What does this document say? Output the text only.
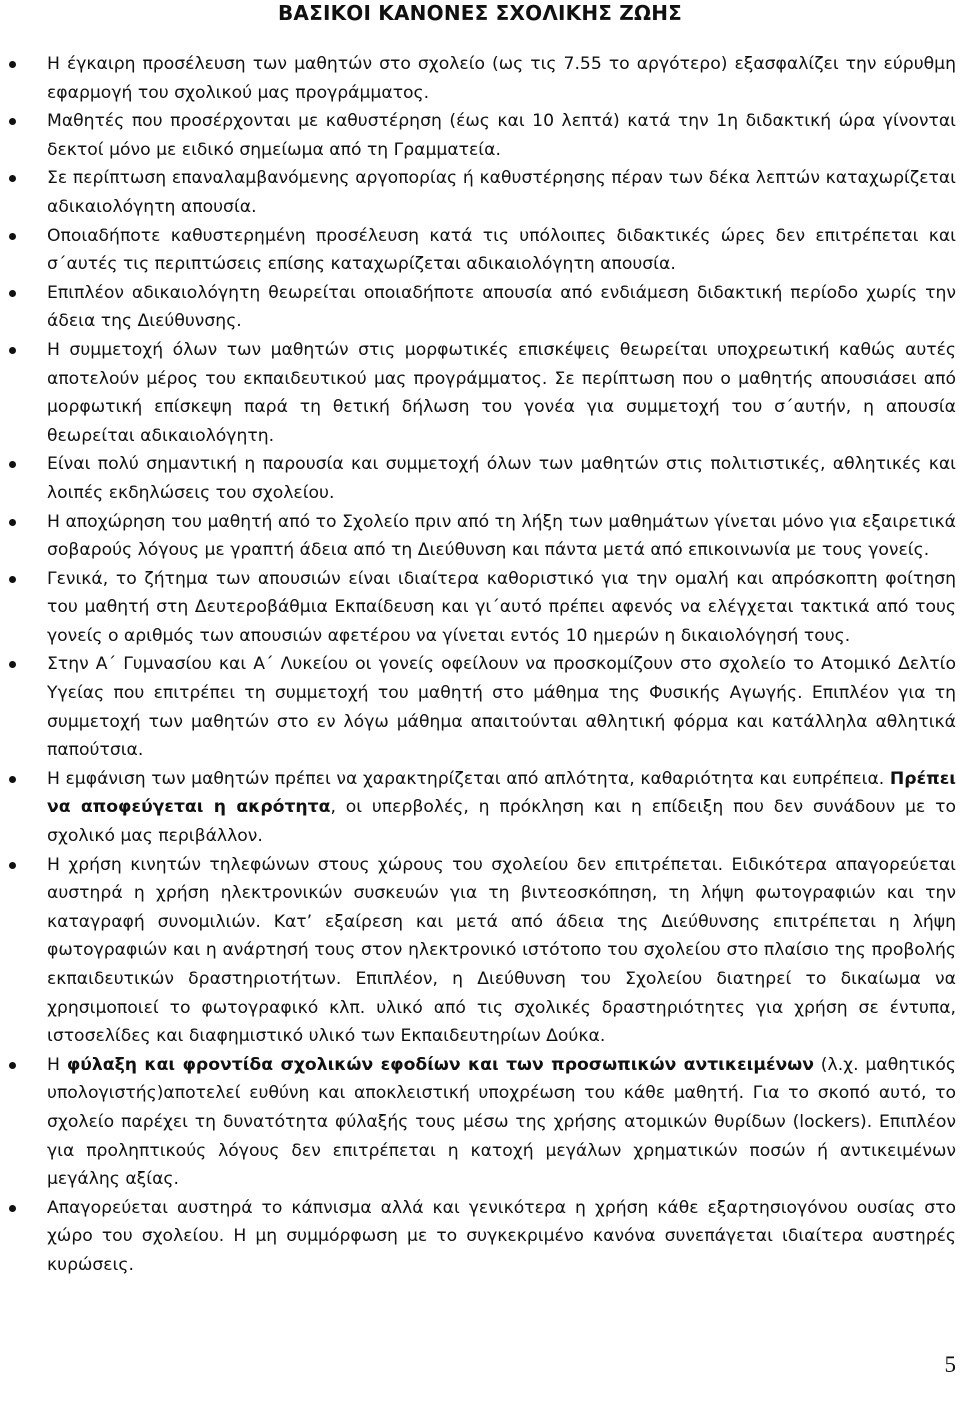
ΒΑΣΙΚΟΙ ΚΑΝΟΝΕΣ ΣΧΟΛΙΚΗΣ ΖΩΗΣ
Η έγκαιρη προσέλευση των μαθητών στο σχολείο (ως τις 7.55 το αργότερο) εξασφαλίζει την εύρυθμη εφαρμογή του σχολικού μας προγράμματος.
Μαθητές που προσέρχονται με καθυστέρηση (έως και 10 λεπτά) κατά την 1η διδακτική ώρα γίνονται δεκτοί μόνο με ειδικό σημείωμα από τη Γραμματεία.
Σε περίπτωση επαναλαμβανόμενης αργοπορίας ή καθυστέρησης πέραν των δέκα λεπτών καταχωρίζεται αδικαιολόγητη απουσία.
Οποιαδήποτε καθυστερημένη προσέλευση κατά τις υπόλοιπες διδακτικές ώρες δεν επιτρέπεται και σ΄αυτές τις περιπτώσεις επίσης καταχωρίζεται αδικαιολόγητη απουσία.
Επιπλέον αδικαιολόγητη θεωρείται οποιαδήποτε απουσία από ενδιάμεση διδακτική περίοδο χωρίς την άδεια της Διεύθυνσης.
Η συμμετοχή όλων των μαθητών στις μορφωτικές επισκέψεις θεωρείται υποχρεωτική καθώς αυτές αποτελούν μέρος του εκπαιδευτικού μας προγράμματος. Σε περίπτωση που ο μαθητής απουσιάσει από μορφωτική επίσκεψη παρά τη θετική δήλωση του γονέα για συμμετοχή του σ΄αυτήν, η απουσία θεωρείται αδικαιολόγητη.
Είναι πολύ σημαντική η παρουσία και συμμετοχή όλων των μαθητών στις πολιτιστικές, αθλητικές και λοιπές εκδηλώσεις του σχολείου.
Η αποχώρηση του μαθητή από το Σχολείο πριν από τη λήξη των μαθημάτων γίνεται μόνο για εξαιρετικά σοβαρούς λόγους με γραπτή άδεια από τη Διεύθυνση και πάντα μετά από επικοινωνία με τους γονείς.
Γενικά, το ζήτημα των απουσιών είναι ιδιαίτερα καθοριστικό για την ομαλή και απρόσκοπτη φοίτηση του μαθητή στη Δευτεροβάθμια Εκπαίδευση και γι΄αυτό πρέπει αφενός να ελέγχεται τακτικά από τους γονείς ο αριθμός των απουσιών αφετέρου να γίνεται εντός 10 ημερών η δικαιολόγησή τους.
Στην Α΄ Γυμνασίου και Α΄ Λυκείου οι γονείς οφείλουν να προσκομίζουν στο σχολείο το Ατομικό Δελτίο Υγείας που επιτρέπει τη συμμετοχή του μαθητή στο μάθημα της Φυσικής Αγωγής. Επιπλέον για τη συμμετοχή των μαθητών στο εν λόγω μάθημα απαιτούνται αθλητική φόρμα και κατάλληλα αθλητικά παπούτσια.
Η εμφάνιση των μαθητών πρέπει να χαρακτηρίζεται από απλότητα, καθαριότητα και ευπρέπεια. Πρέπει να αποφεύγεται η ακρότητα, οι υπερβολές, η πρόκληση και η επίδειξη που δεν συνάδουν με το σχολικό μας περιβάλλον.
Η χρήση κινητών τηλεφώνων στους χώρους του σχολείου δεν επιτρέπεται. Ειδικότερα απαγορεύεται αυστηρά η χρήση ηλεκτρονικών συσκευών για τη βιντεοσκόπηση, τη λήψη φωτογραφιών και την καταγραφή συνομιλιών. Κατ’ εξαίρεση και μετά από άδεια της Διεύθυνσης επιτρέπεται η λήψη φωτογραφιών και η ανάρτησή τους στον ηλεκτρονικό ιστότοπο του σχολείου στο πλαίσιο της προβολής εκπαιδευτικών δραστηριοτήτων. Επιπλέον, η Διεύθυνση του Σχολείου διατηρεί το δικαίωμα να χρησιμοποιεί το φωτογραφικό κλπ. υλικό από τις σχολικές δραστηριότητες για χρήση σε έντυπα, ιστοσελίδες και διαφημιστικό υλικό των Εκπαιδευτηρίων Δούκα.
Η φύλαξη και φροντίδα σχολικών εφοδίων και των προσωπικών αντικειμένων (λ.χ. μαθητικός υπολογιστής)αποτελεί ευθύνη και αποκλειστική υποχρέωση του κάθε μαθητή. Για το σκοπό αυτό, το σχολείο παρέχει τη δυνατότητα φύλαξής τους μέσω της χρήσης ατομικών θυρίδων (lockers). Επιπλέον για προληπτικούς λόγους δεν επιτρέπεται η κατοχή μεγάλων χρηματικών ποσών ή αντικειμένων μεγάλης αξίας.
Απαγορεύεται αυστηρά το κάπνισμα αλλά και γενικότερα η χρήση κάθε εξαρτησιογόνου ουσίας στο χώρο του σχολείου. Η μη συμμόρφωση με το συγκεκριμένο κανόνα συνεπάγεται ιδιαίτερα αυστηρές κυρώσεις.
5
